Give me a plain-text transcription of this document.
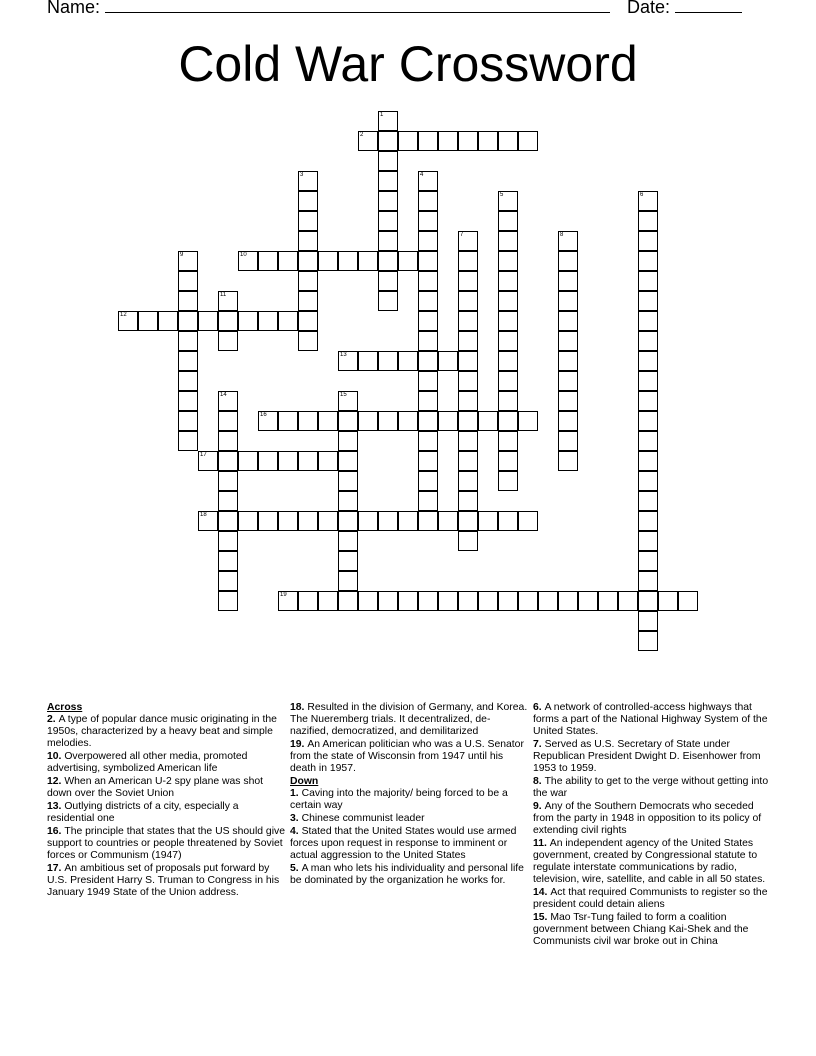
Name:	Date:
Cold War Crossword
1
2
3	4
5	6
7	8
9	10
11
12
13
14	15
16
17
18
19
Across
2. A type of popular dance music originating in the 1950s, characterized by a heavy beat and simple melodies.
10. Overpowered all other media, promoted advertising, symbolized American life
12. When an American U-2 spy plane was shot down over the Soviet Union
13. Outlying districts of a city, especially a residential one
16. The principle that states that the US should give support to countries or people threatened by Soviet forces or Communism (1947)
17. An ambitious set of proposals put forward by U.S. President Harry S. Truman to Congress in his January 1949 State of the Union address.
18. Resulted in the division of Germany, and Korea. The Nueremberg trials. It decentralized, de-nazified, democratized, and demilitarized
19. An American politician who was a U.S. Senator from the state of Wisconsin from 1947 until his death in 1957.
Down
1. Caving into the majority/ being forced to be a certain way
3. Chinese communist leader
4. Stated that the United States would use armed forces upon request in response to imminent or actual aggression to the United States
5. A man who lets his individuality and personal life be dominated by the organization he works for.
6. A network of controlled-access highways that forms a part of the National Highway System of the United States.
7. Served as U.S. Secretary of State under Republican President Dwight D. Eisenhower from 1953 to 1959.
8. The ability to get to the verge without getting into the war
9. Any of the Southern Democrats who seceded from the party in 1948 in opposition to its policy of extending civil rights
11. An independent agency of the United States government, created by Congressional statute to regulate interstate communications by radio, television, wire, satellite, and cable in all 50 states.
14. Act that required Communists to register so the president could detain aliens
15. Mao Tsr-Tung failed to form a coalition government between Chiang Kai-Shek and the Communists civil war broke out in China
